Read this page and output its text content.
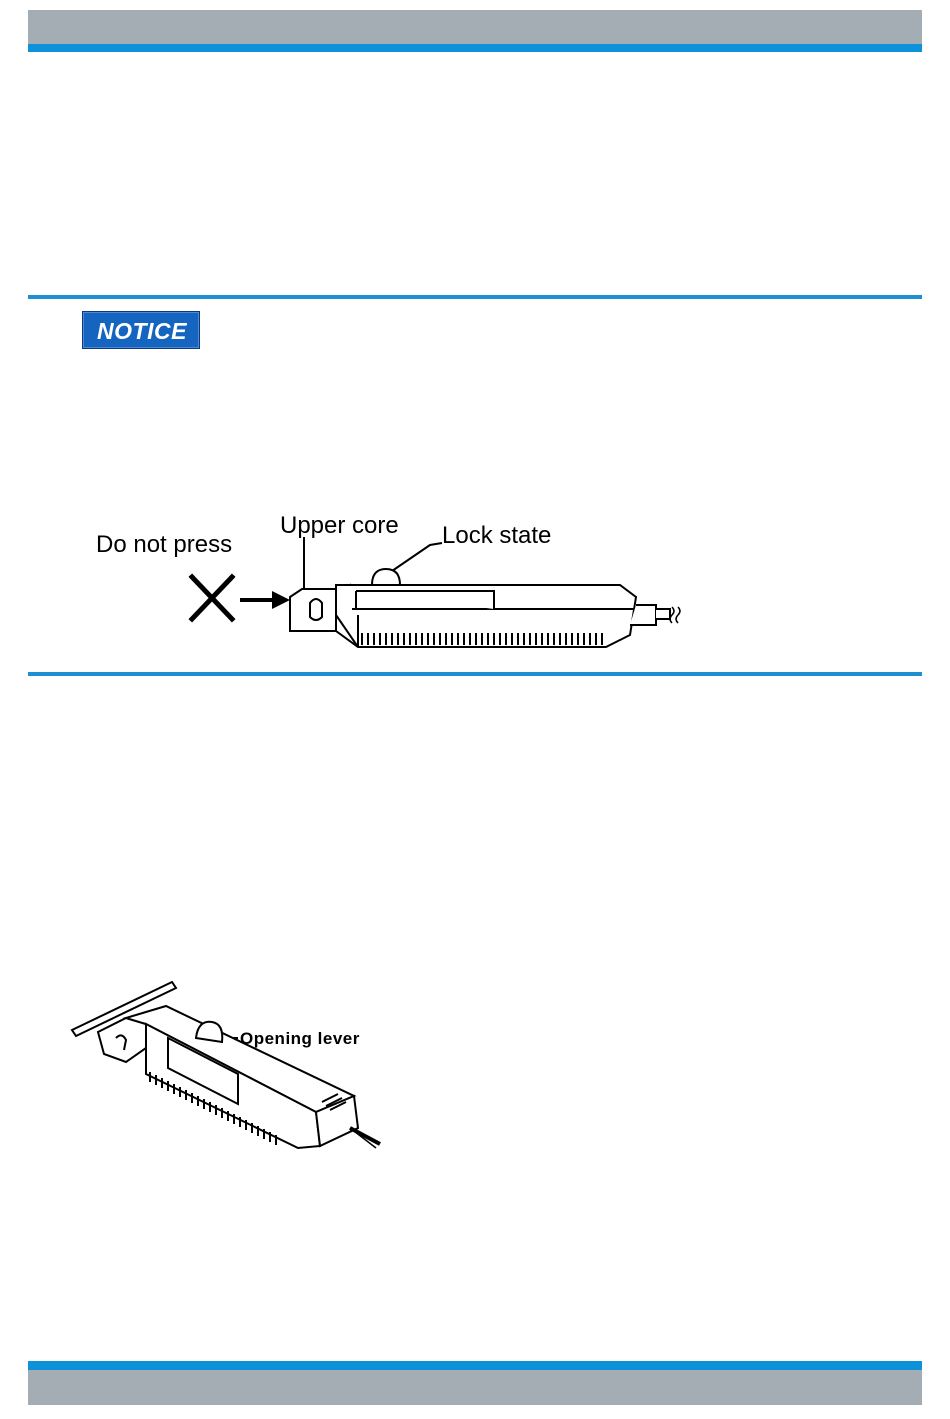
NOTICE
Do not press
Upper core Lock state
Opening lever
